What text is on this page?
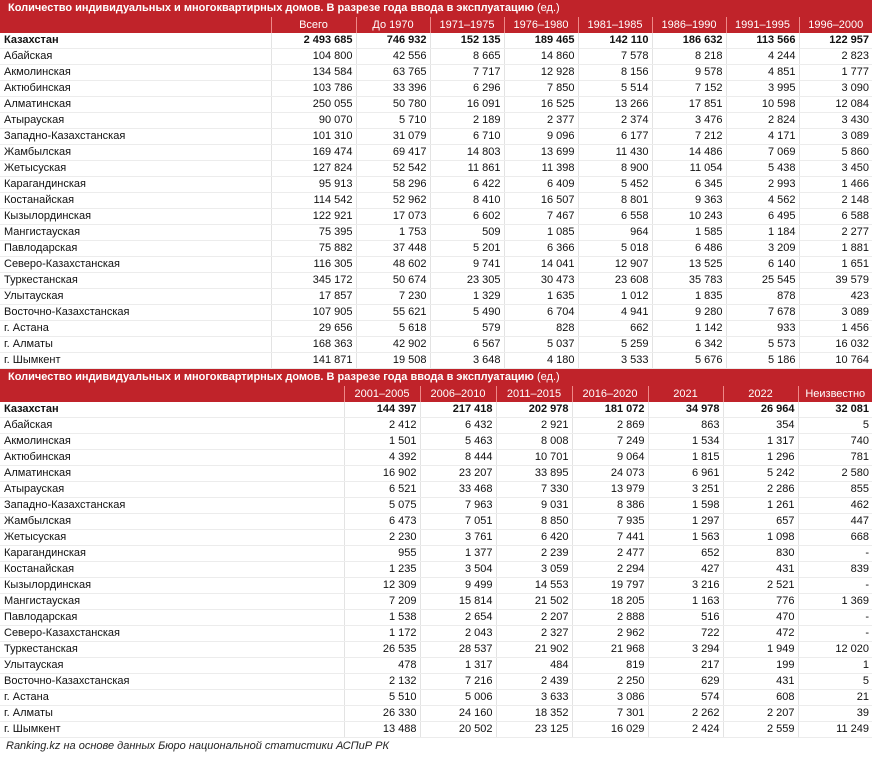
Количество индивидуальных и многоквартирных домов. В разрезе года ввода в эксплуатацию (ед.)
	Всего	До 1970	1971–1975	1976–1980	1981–1985	1986–1990	1991–1995	1996–2000
Казахстан	2 493 685	746 932	152 135	189 465	142 110	186 632	113 566	122 957
Абайская	104 800	42 556	8 665	14 860	7 578	8 218	4 244	2 823
Акмолинская	134 584	63 765	7 717	12 928	8 156	9 578	4 851	1 777
Актюбинская	103 786	33 396	6 296	7 850	5 514	7 152	3 995	3 090
Алматинская	250 055	50 780	16 091	16 525	13 266	17 851	10 598	12 084
Атырауская	90 070	5 710	2 189	2 377	2 374	3 476	2 824	3 430
Западно-Казахстанская	101 310	31 079	6 710	9 096	6 177	7 212	4 171	3 089
Жамбылская	169 474	69 417	14 803	13 699	11 430	14 486	7 069	5 860
Жетысуская	127 824	52 542	11 861	11 398	8 900	11 054	5 438	3 450
Карагандинская	95 913	58 296	6 422	6 409	5 452	6 345	2 993	1 466
Костанайская	114 542	52 962	8 410	16 507	8 801	9 363	4 562	2 148
Кызылординская	122 921	17 073	6 602	7 467	6 558	10 243	6 495	6 588
Мангистауская	75 395	1 753	509	1 085	964	1 585	1 184	2 277
Павлодарская	75 882	37 448	5 201	6 366	5 018	6 486	3 209	1 881
Северо-Казахстанская	116 305	48 602	9 741	14 041	12 907	13 525	6 140	1 651
Туркестанская	345 172	50 674	23 305	30 473	23 608	35 783	25 545	39 579
Улытауская	17 857	7 230	1 329	1 635	1 012	1 835	878	423
Восточно-Казахстанская	107 905	55 621	5 490	6 704	4 941	9 280	7 678	3 089
г. Астана	29 656	5 618	579	828	662	1 142	933	1 456
г. Алматы	168 363	42 902	6 567	5 037	5 259	6 342	5 573	16 032
г. Шымкент	141 871	19 508	3 648	4 180	3 533	5 676	5 186	10 764
Количество индивидуальных и многоквартирных домов. В разрезе года ввода в эксплуатацию (ед.)
	2001–2005	2006–2010	2011–2015	2016–2020	2021	2022	Неизвестно
Казахстан	144 397	217 418	202 978	181 072	34 978	26 964	32 081
Абайская	2 412	6 432	2 921	2 869	863	354	5
Акмолинская	1 501	5 463	8 008	7 249	1 534	1 317	740
Актюбинская	4 392	8 444	10 701	9 064	1 815	1 296	781
Алматинская	16 902	23 207	33 895	24 073	6 961	5 242	2 580
Атырауская	6 521	33 468	7 330	13 979	3 251	2 286	855
Западно-Казахстанская	5 075	7 963	9 031	8 386	1 598	1 261	462
Жамбылская	6 473	7 051	8 850	7 935	1 297	657	447
Жетысуская	2 230	3 761	6 420	7 441	1 563	1 098	668
Карагандинская	955	1 377	2 239	2 477	652	830	-
Костанайская	1 235	3 504	3 059	2 294	427	431	839
Кызылординская	12 309	9 499	14 553	19 797	3 216	2 521	-
Мангистауская	7 209	15 814	21 502	18 205	1 163	776	1 369
Павлодарская	1 538	2 654	2 207	2 888	516	470	-
Северо-Казахстанская	1 172	2 043	2 327	2 962	722	472	-
Туркестанская	26 535	28 537	21 902	21 968	3 294	1 949	12 020
Улытауская	478	1 317	484	819	217	199	1
Восточно-Казахстанская	2 132	7 216	2 439	2 250	629	431	5
г. Астана	5 510	5 006	3 633	3 086	574	608	21
г. Алматы	26 330	24 160	18 352	7 301	2 262	2 207	39
г. Шымкент	13 488	20 502	23 125	16 029	2 424	2 559	11 249
Ranking.kz на основе данных Бюро национальной статистики АСПиР РК
